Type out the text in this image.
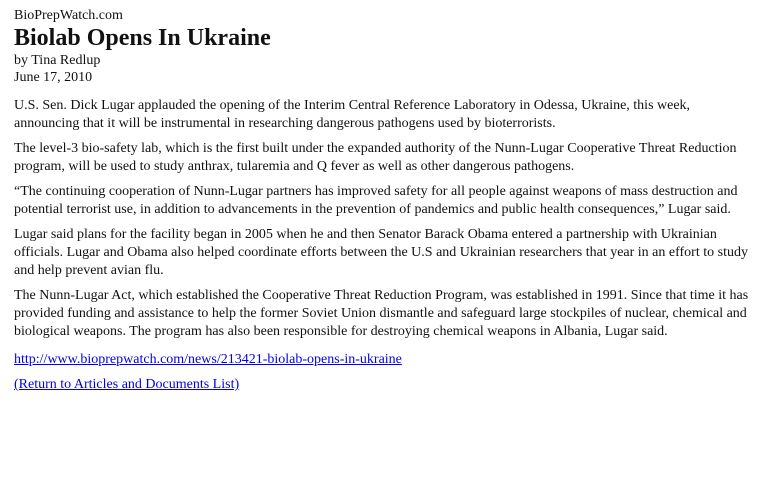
BioPrepWatch.com
Biolab Opens In Ukraine
by Tina Redlup
June 17, 2010

U.S. Sen. Dick Lugar applauded the opening of the Interim Central Reference Laboratory in Odessa, Ukraine, this week, announcing that it will be instrumental in researching dangerous pathogens used by bioterrorists.

The level-3 bio-safety lab, which is the first built under the expanded authority of the Nunn-Lugar Cooperative Threat Reduction program, will be used to study anthrax, tularemia and Q fever as well as other dangerous pathogens.

“The continuing cooperation of Nunn-Lugar partners has improved safety for all people against weapons of mass destruction and potential terrorist use, in addition to advancements in the prevention of pandemics and public health consequences,” Lugar said.

Lugar said plans for the facility began in 2005 when he and then Senator Barack Obama entered a partnership with Ukrainian officials. Lugar and Obama also helped coordinate efforts between the U.S and Ukrainian researchers that year in an effort to study and help prevent avian flu.

The Nunn-Lugar Act, which established the Cooperative Threat Reduction Program, was established in 1991. Since that time it has provided funding and assistance to help the former Soviet Union dismantle and safeguard large stockpiles of nuclear, chemical and biological weapons. The program has also been responsible for destroying chemical weapons in Albania, Lugar said.

http://www.bioprepwatch.com/news/213421-biolab-opens-in-ukraine
(Return to Articles and Documents List)
